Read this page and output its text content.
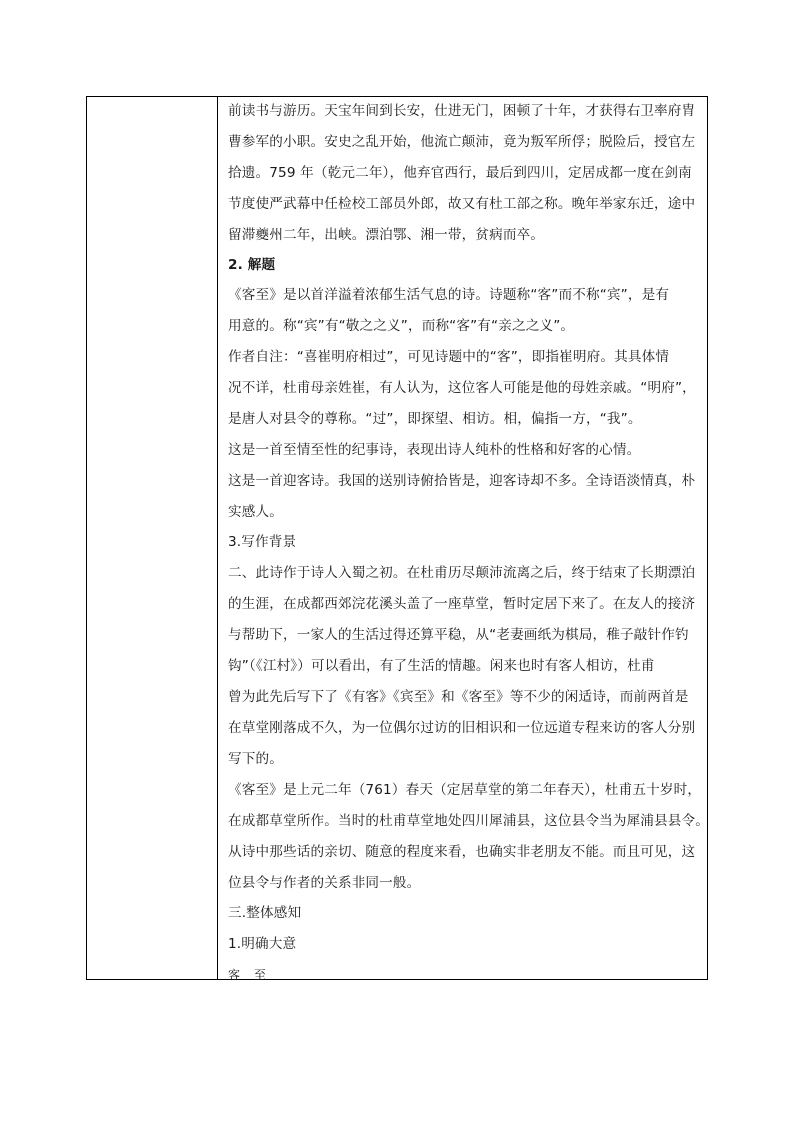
前读书与游历。天宝年间到长安，仕进无门，困顿了十年，才获得右卫率府胄
曹参军的小职。安史之乱开始，他流亡颠沛，竟为叛军所俘；脱险后，授官左
拾遗。759 年（乾元二年），他弃官西行，最后到四川，定居成都一度在剑南
节度使严武幕中任检校工部员外郎，故又有杜工部之称。晚年举家东迁，途中
留滞夔州二年，出峡。漂泊鄂、湘一带，贫病而卒。
2. 解题
《客至》是以首洋溢着浓郁生活气息的诗。诗题称“客”而不称“宾”，是有
用意的。称“宾”有“敬之之义”，而称“客”有“亲之之义”。
作者自注：“喜崔明府相过”，可见诗题中的“客”，即指崔明府。其具体情
况不详，杜甫母亲姓崔，有人认为，这位客人可能是他的母姓亲戚。“明府”，
是唐人对县令的尊称。“过”，即探望、相访。相，偏指一方，“我”。
这是一首至情至性的纪事诗，表现出诗人纯朴的性格和好客的心情。
这是一首迎客诗。我国的送别诗俯拾皆是，迎客诗却不多。全诗语淡情真，朴
实感人。
3.写作背景
二、此诗作于诗人入蜀之初。在杜甫历尽颠沛流离之后，终于结束了长期漂泊
的生涯，在成都西郊浣花溪头盖了一座草堂，暂时定居下来了。在友人的接济
与帮助下，一家人的生活过得还算平稳，从“老妻画纸为棋局，稚子敲针作钓
钩”（《江村》）可以看出，有了生活的情趣。闲来也时有客人相访，杜甫
曾为此先后写下了《有客》《宾至》和《客至》等不少的闲适诗，而前两首是
在草堂刚落成不久，为一位偶尔过访的旧相识和一位远道专程来访的客人分别
写下的。
《客至》是上元二年（761）春天（定居草堂的第二年春天），杜甫五十岁时，
在成都草堂所作。当时的杜甫草堂地处四川犀浦县，这位县令当为犀浦县县令。
从诗中那些话的亲切、随意的程度来看，也确实非老朋友不能。而且可见，这
位县令与作者的关系非同一般。
三.整体感知
1.明确大意
客 至
